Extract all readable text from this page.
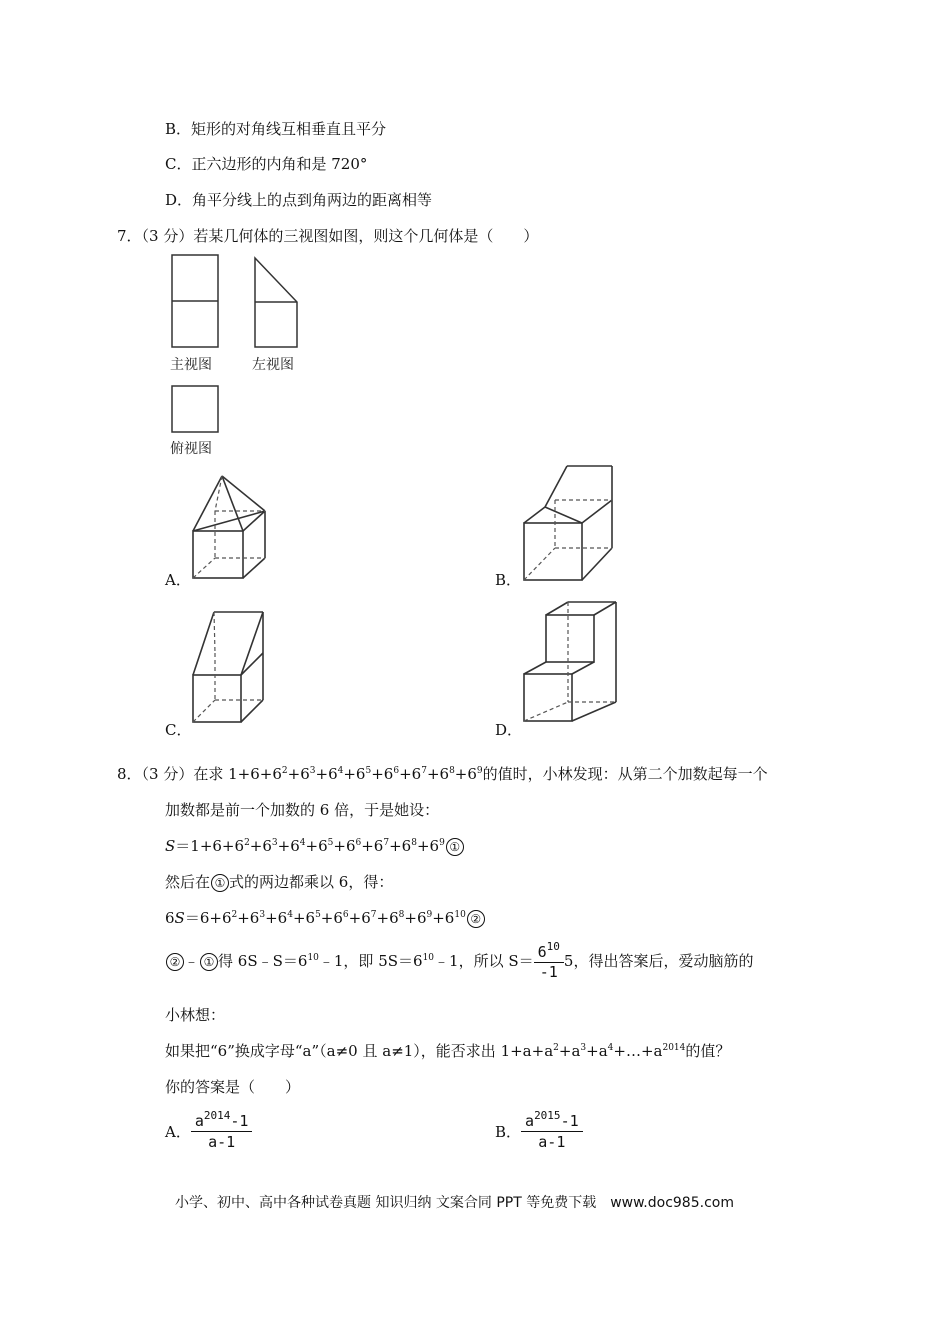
B．矩形的对角线互相垂直且平分
C．正六边形的内角和是 720°
D．角平分线上的点到角两边的距离相等
7．（3 分）若某几何体的三视图如图，则这个几何体是（　　）
主视图	左视图
俯视图
A．	B．
C．	D．
8．（3 分）在求 $1+6+6^2+6^3+6^4+6^5+6^6+6^7+6^8+6^9$的值时，小林发现：从第二个加数起每一个
加数都是前一个加数的 6 倍，于是她设：
$S=1+6+6^2+6^3+6^4+6^5+6^6+6^7+6^8+6^9$ ①
然后在 ① 式的两边都乘以 6，得：
$6S=6+6^2+6^3+6^4+6^5+6^6+6^7+6^8+6^9+6^{10}$ ②
② ﹣ ① 得 $6S﹣S=6^{10}﹣1$，即 $5S=6^{10}﹣1$，所以 $S= \frac{6^{10}}{-1}5$，得出答案后，爱动脑筋的
小林想：
如果把“6”换成字母“a”（a≠0 且 a≠1），能否求出 $1+a+a^2+a^3+a^4+\dots+a^{2014}$的值？
你的答案是（　　）
A． $\frac{a^{2014}-1}{a-1}$	B． $\frac{a^{2015}-1}{a-1}$
小学、初中、高中各种试卷真题 知识归纳 文案合同 PPT 等免费下载　www.doc985.com
